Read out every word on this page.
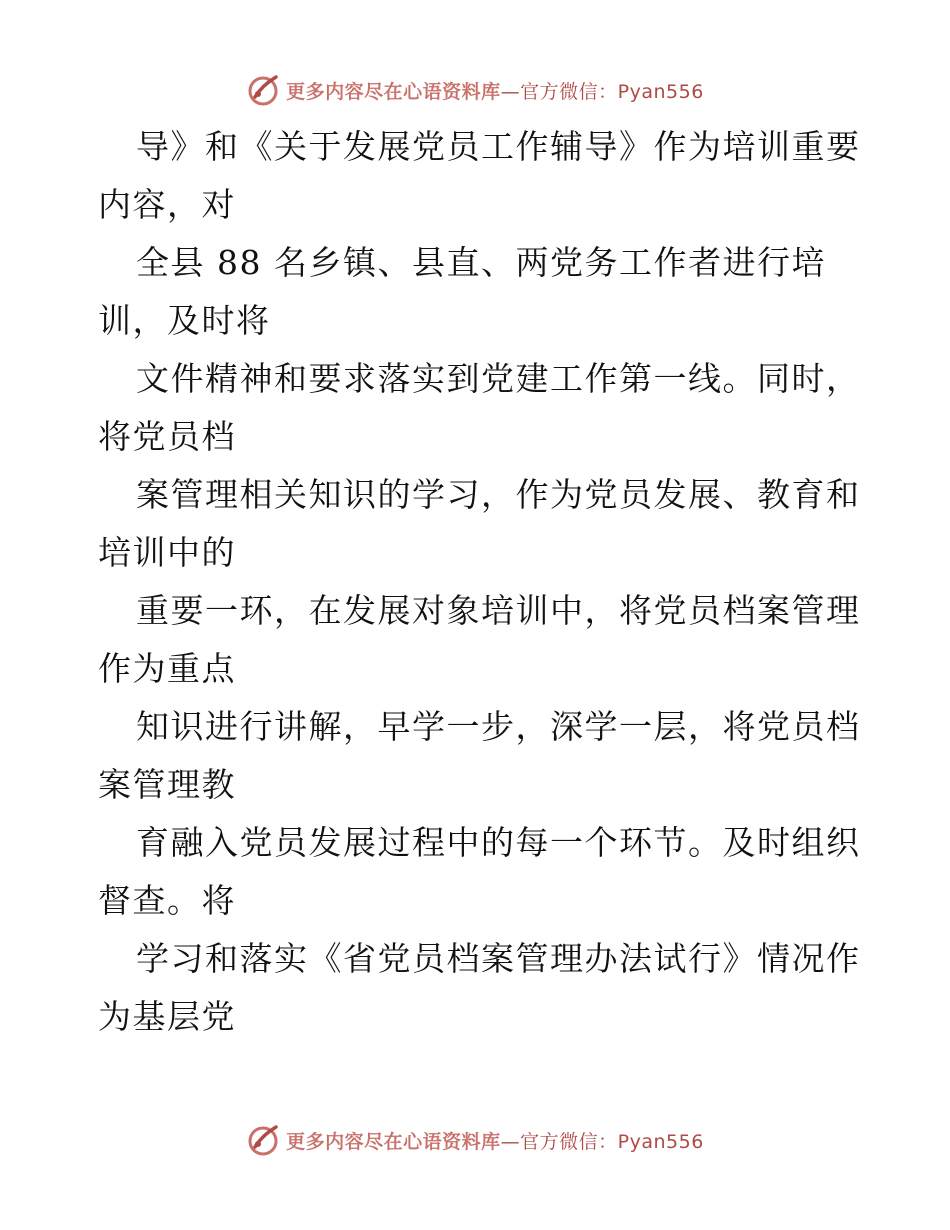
更多内容尽在心语资料库—官方微信：Pyan556
导》和《关于发展党员工作辅导》作为培训重要
内容，对
全县 88 名乡镇、县直、两党务工作者进行培
训，及时将
文件精神和要求落实到党建工作第一线。同时，
将党员档
案管理相关知识的学习，作为党员发展、教育和
培训中的
重要一环，在发展对象培训中，将党员档案管理
作为重点
知识进行讲解，早学一步，深学一层，将党员档
案管理教
育融入党员发展过程中的每一个环节。及时组织
督查。将
学习和落实《省党员档案管理办法试行》情况作
为基层党
更多内容尽在心语资料库—官方微信：Pyan556
